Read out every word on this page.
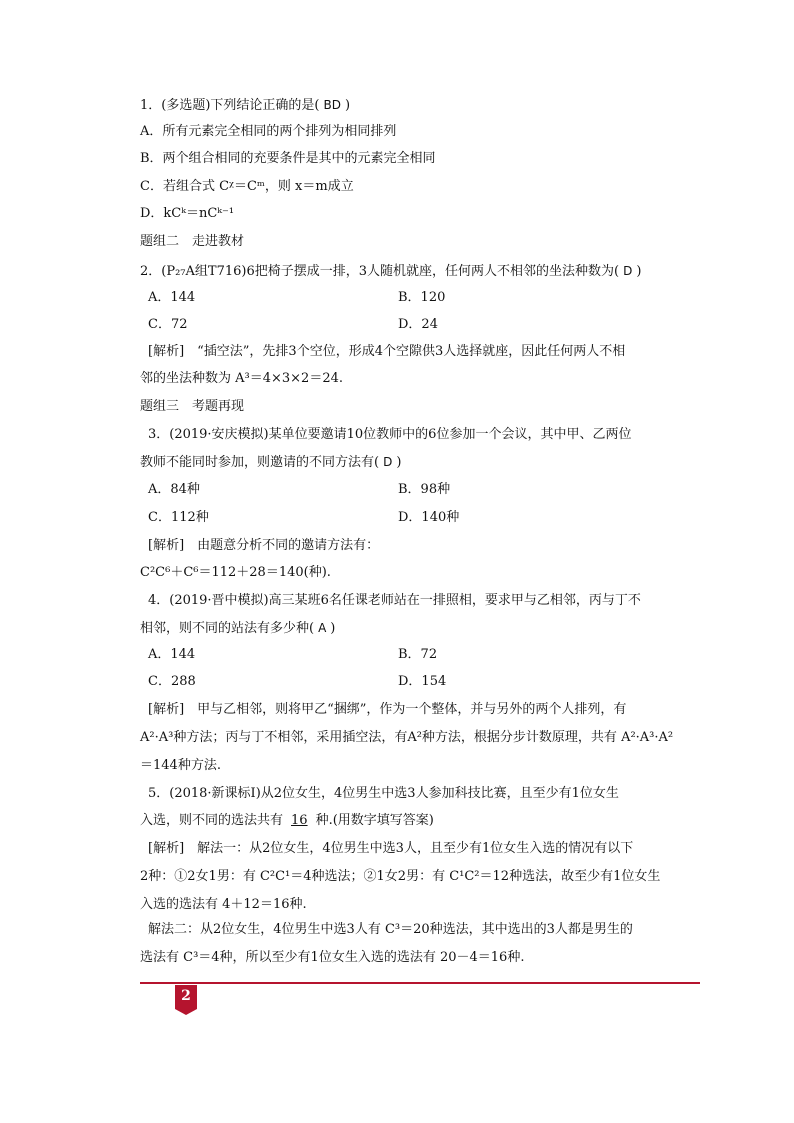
1．(多选题)下列结论正确的是( BD )
A．所有元素完全相同的两个排列为相同排列
B．两个组合相同的充要条件是其中的元素完全相同
C．若组合式 Cᵡ＝Cᵐ，则 x＝m成立
D．kCᵏ＝nCᵏ⁻¹
题组二　走进教材
2．(P₂₇A组T716)6把椅子摆成一排，3人随机就座，任何两人不相邻的坐法种数为( D )
A．144	B．120
C．72	D．24
[解析]　“插空法”，先排3个空位，形成4个空隙供3人选择就座，因此任何两人不相
邻的坐法种数为 A³＝4×3×2＝24.
题组三　考题再现
3．(2019·安庆模拟)某单位要邀请10位教师中的6位参加一个会议，其中甲、乙两位
教师不能同时参加，则邀请的不同方法有( D )
A．84种	B．98种
C．112种	D．140种
[解析]　由题意分析不同的邀请方法有：
C²C⁶＋C⁶＝112＋28＝140(种).
4．(2019·晋中模拟)高三某班6名任课老师站在一排照相，要求甲与乙相邻，丙与丁不
相邻，则不同的站法有多少种( A )
A．144	B．72
C．288	D．154
[解析]　甲与乙相邻，则将甲乙“捆绑”，作为一个整体，并与另外的两个人排列，有
A²·A³种方法；丙与丁不相邻，采用插空法，有A²种方法，根据分步计数原理，共有 A²·A³·A²
＝144种方法.
5．(2018·新课标Ⅰ)从2位女生，4位男生中选3人参加科技比赛，且至少有1位女生
入选，则不同的选法共有 16 种.(用数字填写答案)
[解析]　解法一：从2位女生，4位男生中选3人，且至少有1位女生入选的情况有以下
2种：①2女1男：有 C²C¹＝4种选法；②1女2男：有 C¹C²＝12种选法，故至少有1位女生
入选的选法有 4＋12＝16种.
解法二：从2位女生，4位男生中选3人有 C³＝20种选法，其中选出的3人都是男生的
选法有 C³＝4种，所以至少有1位女生入选的选法有 20－4＝16种.
2
